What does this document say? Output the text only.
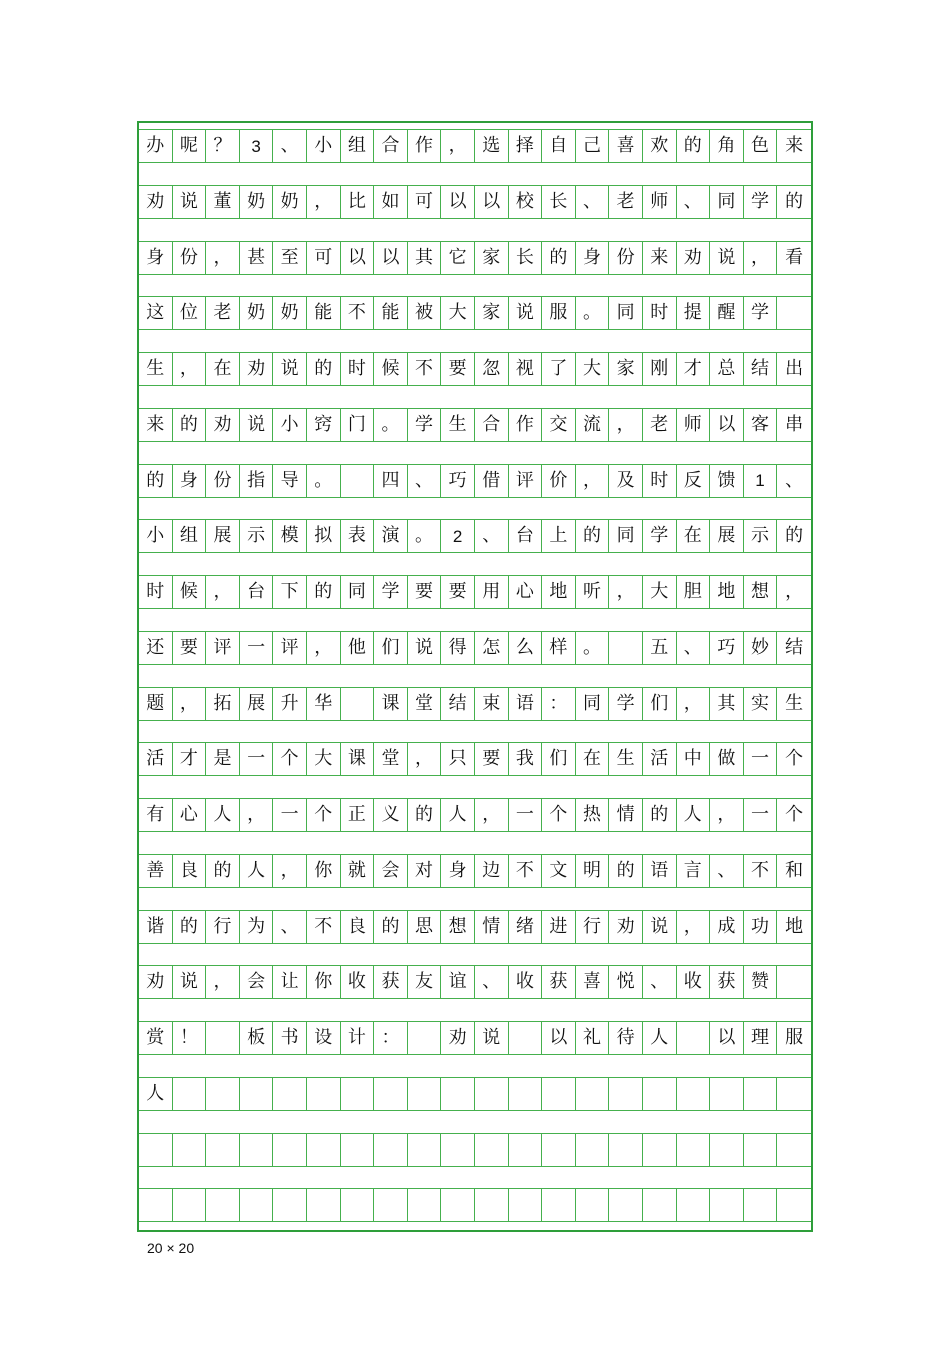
办 呢 ？	3	、 小 组 合 作 ， 选 择 自 己 喜 欢 的 角 色 来
劝 说 董 奶 奶 ， 比 如 可 以 以 校 长 、 老 师 、 同 学 的
身 份 ， 甚 至 可 以 以 其 它 家 长 的 身 份 来 劝 说 ， 看
这 位 老 奶 奶 能 不 能 被 大 家 说 服 。 同 时 提 醒 学
生 ， 在 劝 说 的 时 候 不 要 忽 视 了 大 家 刚 才 总 结 出
来 的 劝 说 小 窍 门 。 学 生 合 作 交 流 ， 老 师 以 客 串
的 身 份 指 导 。	四 、 巧 借 评 价 ， 及 时 反 馈	1	、
小 组 展 示 模 拟 表 演 。	2	、 台 上 的 同 学 在 展 示 的
时 候 ， 台 下 的 同 学 要 要 用 心 地 听 ， 大 胆 地 想 ，
还 要 评 一 评 ， 他 们 说 得 怎 么 样 。	五 、 巧 妙 结
题 ， 拓 展 升 华	课 堂 结 束 语 ： 同 学 们 ， 其 实 生
活 才 是 一 个 大 课 堂 ， 只 要 我 们 在 生 活 中 做 一 个
有 心 人 ， 一 个 正 义 的 人 ， 一 个 热 情 的 人 ， 一 个
善 良 的 人 ， 你 就 会 对 身 边 不 文 明 的 语 言 、 不 和
谐 的 行 为 、 不 良 的 思 想 情 绪 进 行 劝 说 ， 成 功 地
劝 说 ， 会 让 你 收 获 友 谊 、 收 获 喜 悦 、 收 获 赞
赏 ！	板 书 设 计 ：	劝 说	以 礼 待 人	以 理 服
人
20 × 20
